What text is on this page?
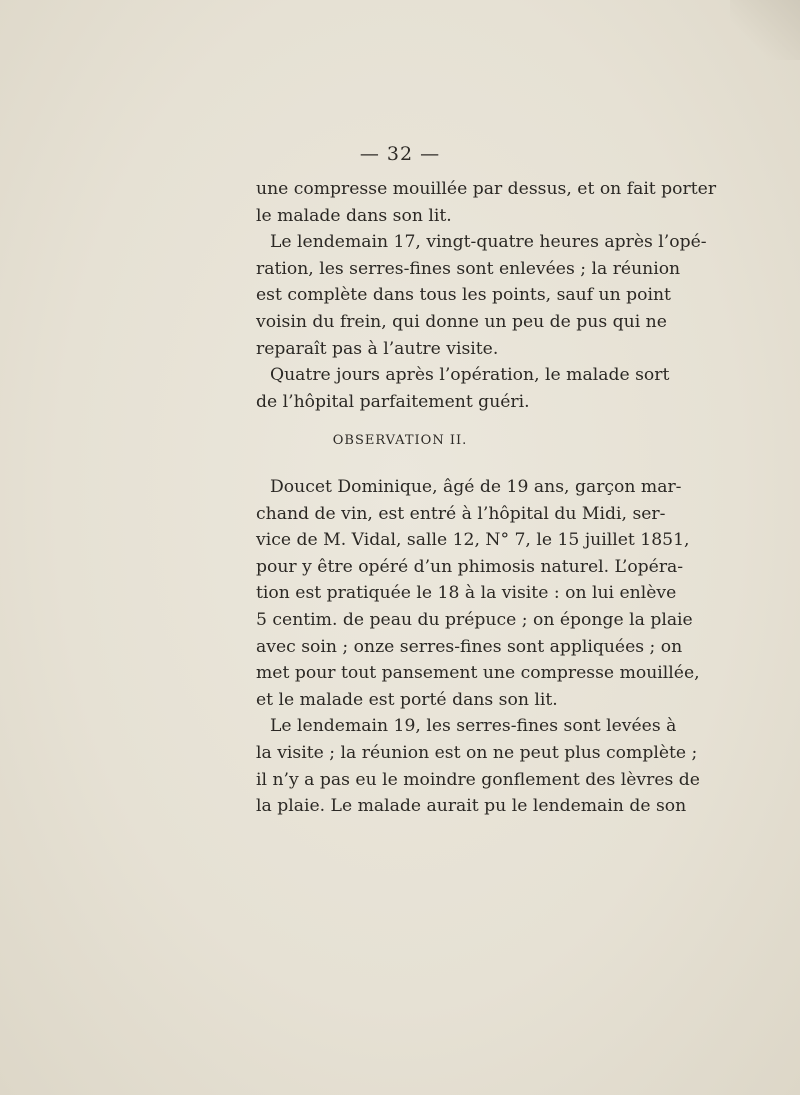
— 32 —
une compresse mouillée par dessus, et on fait porter
le malade dans son lit.
Le lendemain 17, vingt-quatre heures après l’opé-
ration, les serres-fines sont enlevées ; la réunion
est complète dans tous les points, sauf un point
voisin du frein, qui donne un peu de pus qui ne
reparaît pas à l’autre visite.
Quatre jours après l’opération, le malade sort
de l’hôpital parfaitement guéri.
OBSERVATION II.
Doucet Dominique, âgé de 19 ans, garçon mar-
chand de vin, est entré à l’hôpital du Midi, ser-
vice de M. Vidal, salle 12, N° 7, le 15 juillet 1851,
pour y être opéré d’un phimosis naturel. L’opéra-
tion est pratiquée le 18 à la visite : on lui enlève
5 centim. de peau du prépuce ; on éponge la plaie
avec soin ; onze serres-fines sont appliquées ; on
met pour tout pansement une compresse mouillée,
et le malade est porté dans son lit.
Le lendemain 19, les serres-fines sont levées à
la visite ; la réunion est on ne peut plus complète ;
il n’y a pas eu le moindre gonflement des lèvres de
la plaie. Le malade aurait pu le lendemain de son
